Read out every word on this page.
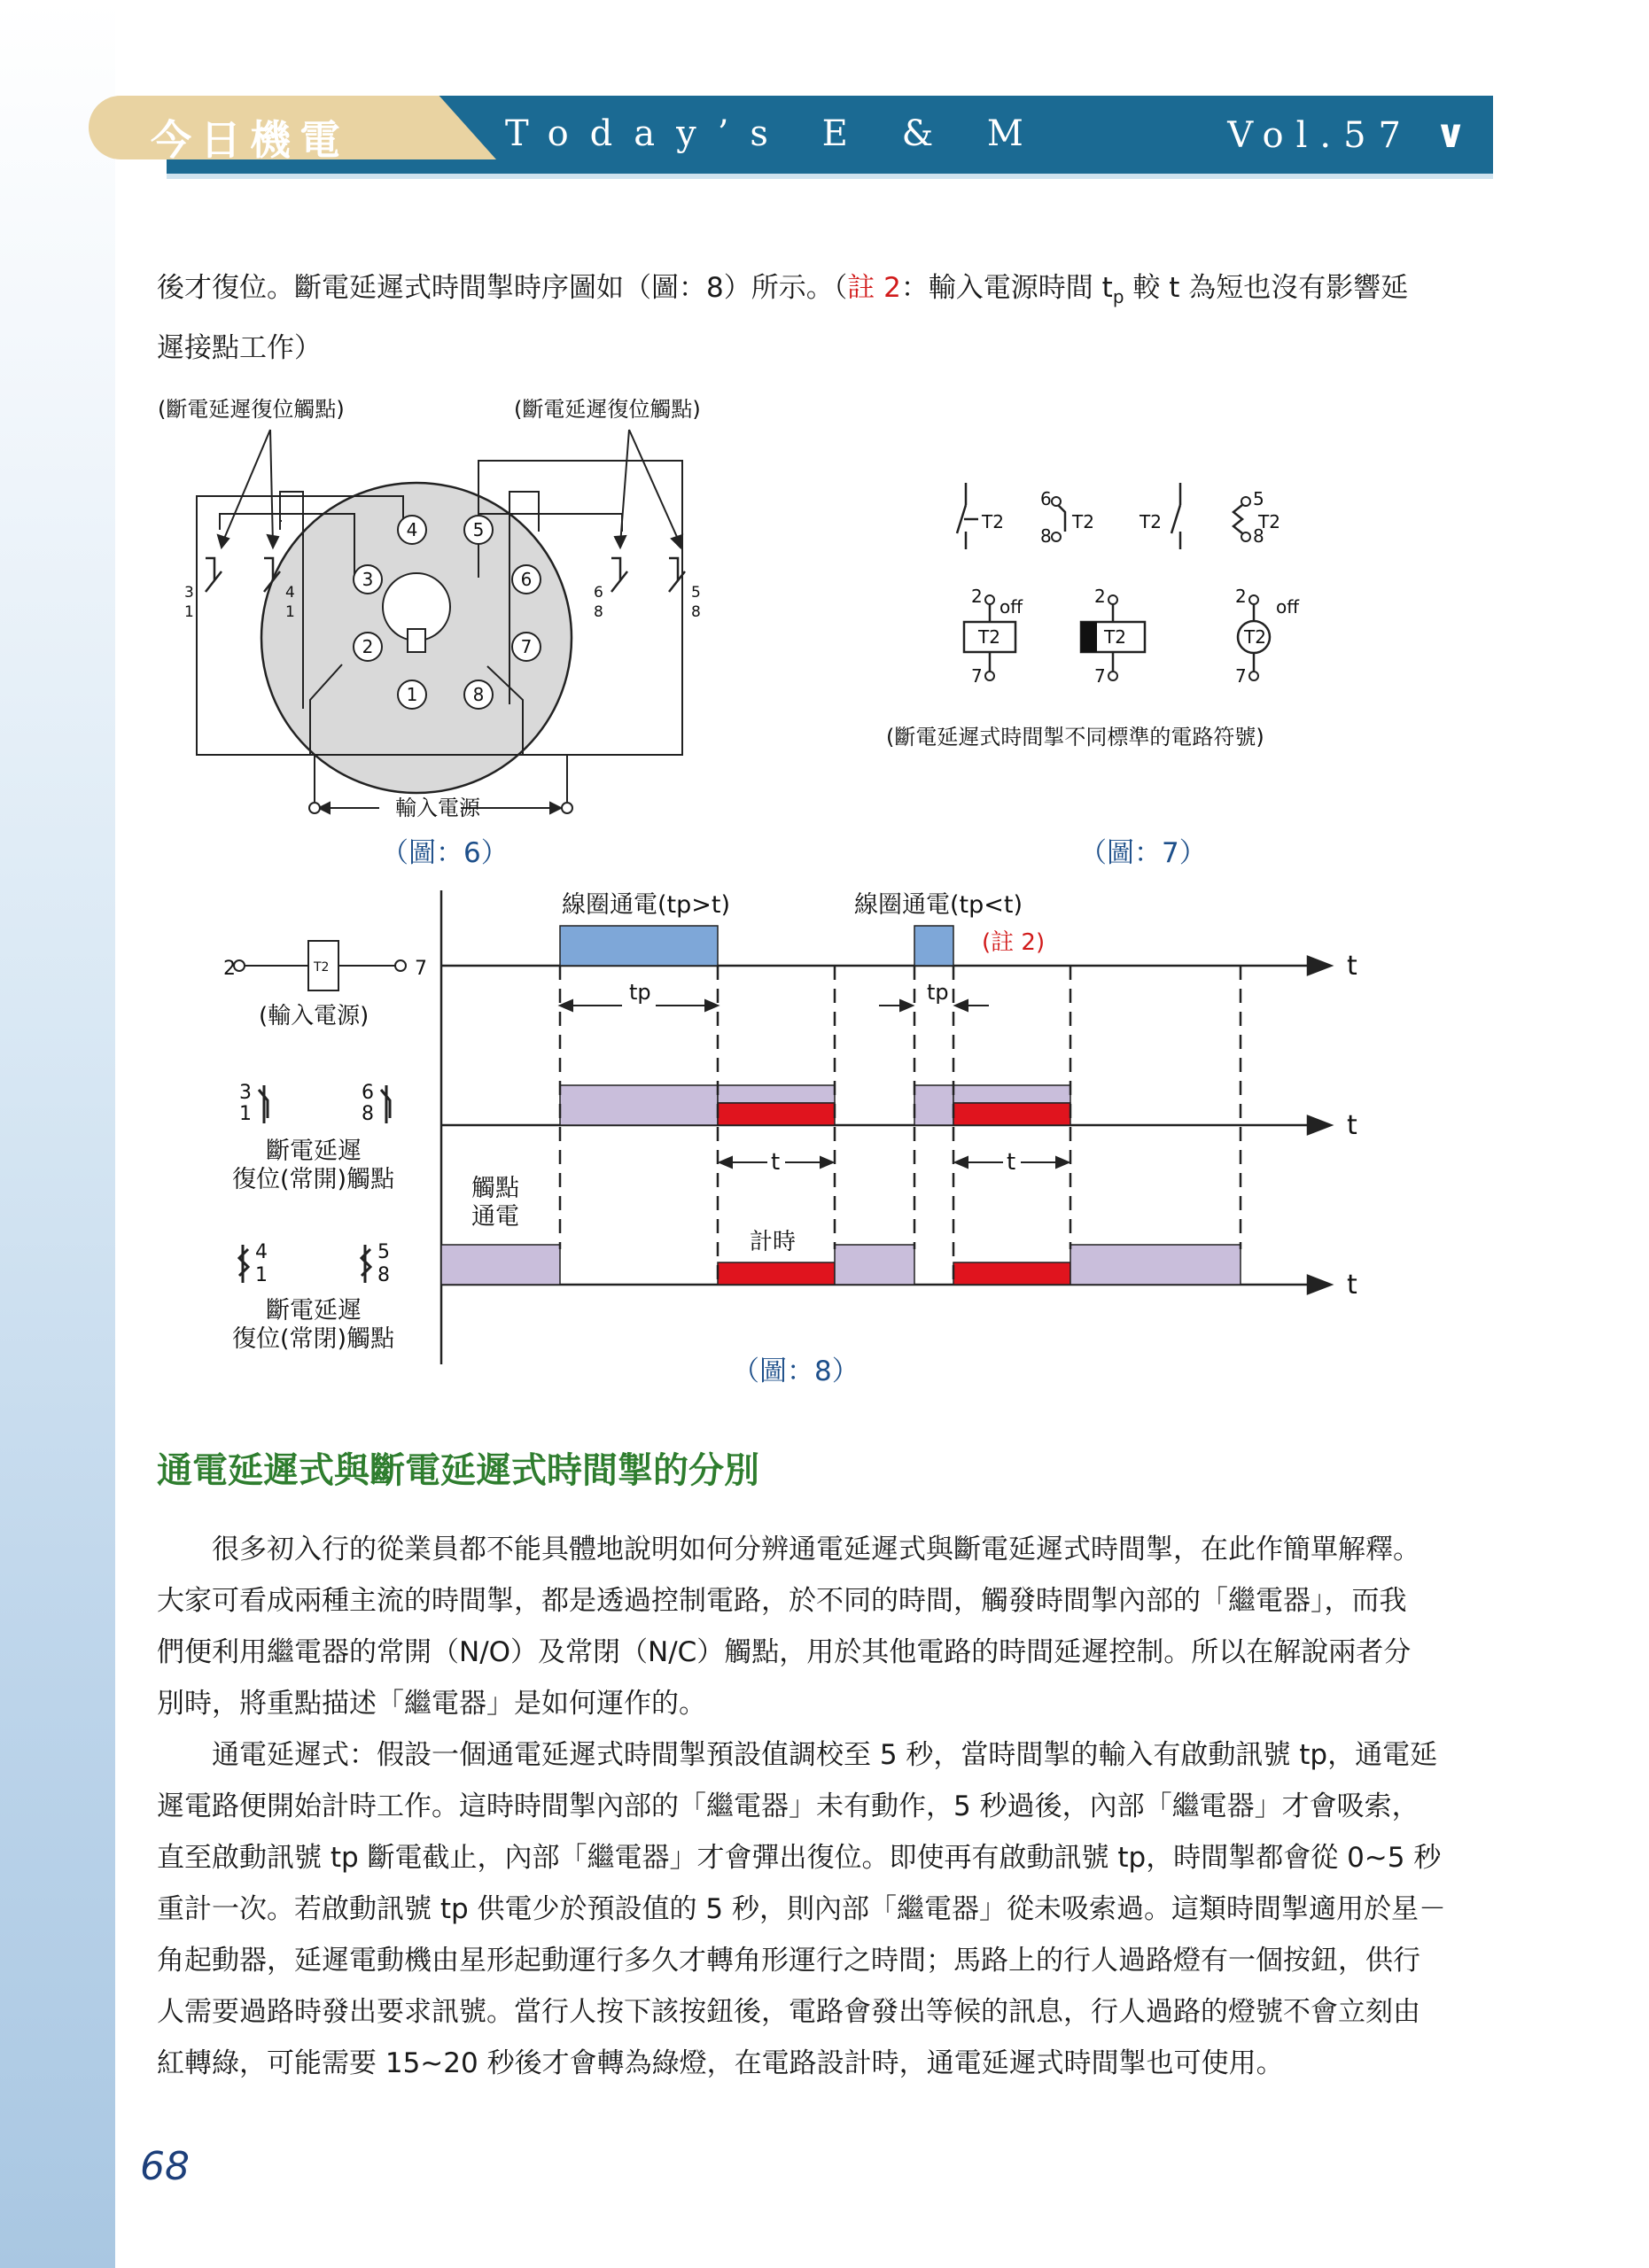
今日機電	Today’s E & M	Vol.57 ∨
後才復位。斷電延遲式時間掣時序圖如（圖：8）所示。（註 2：輸入電源時間 $t_p$ 較 t 為短也沒有影響延
遲接點工作）
4	5
3	6
2	7
1	8
3
1
4
1
6
8
5
8
(斷電延遲復位觸點)	(斷電延遲復位觸點)
輸入電源
（圖：6）
T2	T2	T2	T2
6
8
5
8
T2	T2	T2
2	2	2
7	7	7
off	off
(斷電延遲式時間掣不同標準的電路符號)
（圖：7）
2	7
T2
(輸入電源)
3
1
6
8
4
1
5
8
斷電延遲
復位(常開)觸點
斷電延遲
復位(常閉)觸點
觸點
通電
計時
線圈通電(tp>t)	線圈通電(tp<t)
(註 2)
tp	tp
t	t
t
t
t
（圖：8）
通電延遲式與斷電延遲式時間掣的分別
　　很多初入行的從業員都不能具體地說明如何分辨通電延遲式與斷電延遲式時間掣，在此作簡單解釋。
大家可看成兩種主流的時間掣，都是透過控制電路，於不同的時間，觸發時間掣內部的「繼電器」，而我
們便利用繼電器的常開（N/O）及常閉（N/C）觸點，用於其他電路的時間延遲控制。所以在解說兩者分
別時，將重點描述「繼電器」是如何運作的。
　　通電延遲式：假設一個通電延遲式時間掣預設值調校至 5 秒，當時間掣的輸入有啟動訊號 tp，通電延
遲電路便開始計時工作。這時時間掣內部的「繼電器」未有動作，5 秒過後，內部「繼電器」才會吸索，
直至啟動訊號 tp 斷電截止，內部「繼電器」才會彈出復位。即使再有啟動訊號 tp，時間掣都會從 0~5 秒
重計一次。若啟動訊號 tp 供電少於預設值的 5 秒，則內部「繼電器」從未吸索過。這類時間掣適用於星－
角起動器，延遲電動機由星形起動運行多久才轉角形運行之時間；馬路上的行人過路燈有一個按鈕，供行
人需要過路時發出要求訊號。當行人按下該按鈕後，電路會發出等候的訊息，行人過路的燈號不會立刻由
紅轉綠，可能需要 15~20 秒後才會轉為綠燈，在電路設計時，通電延遲式時間掣也可使用。
68
